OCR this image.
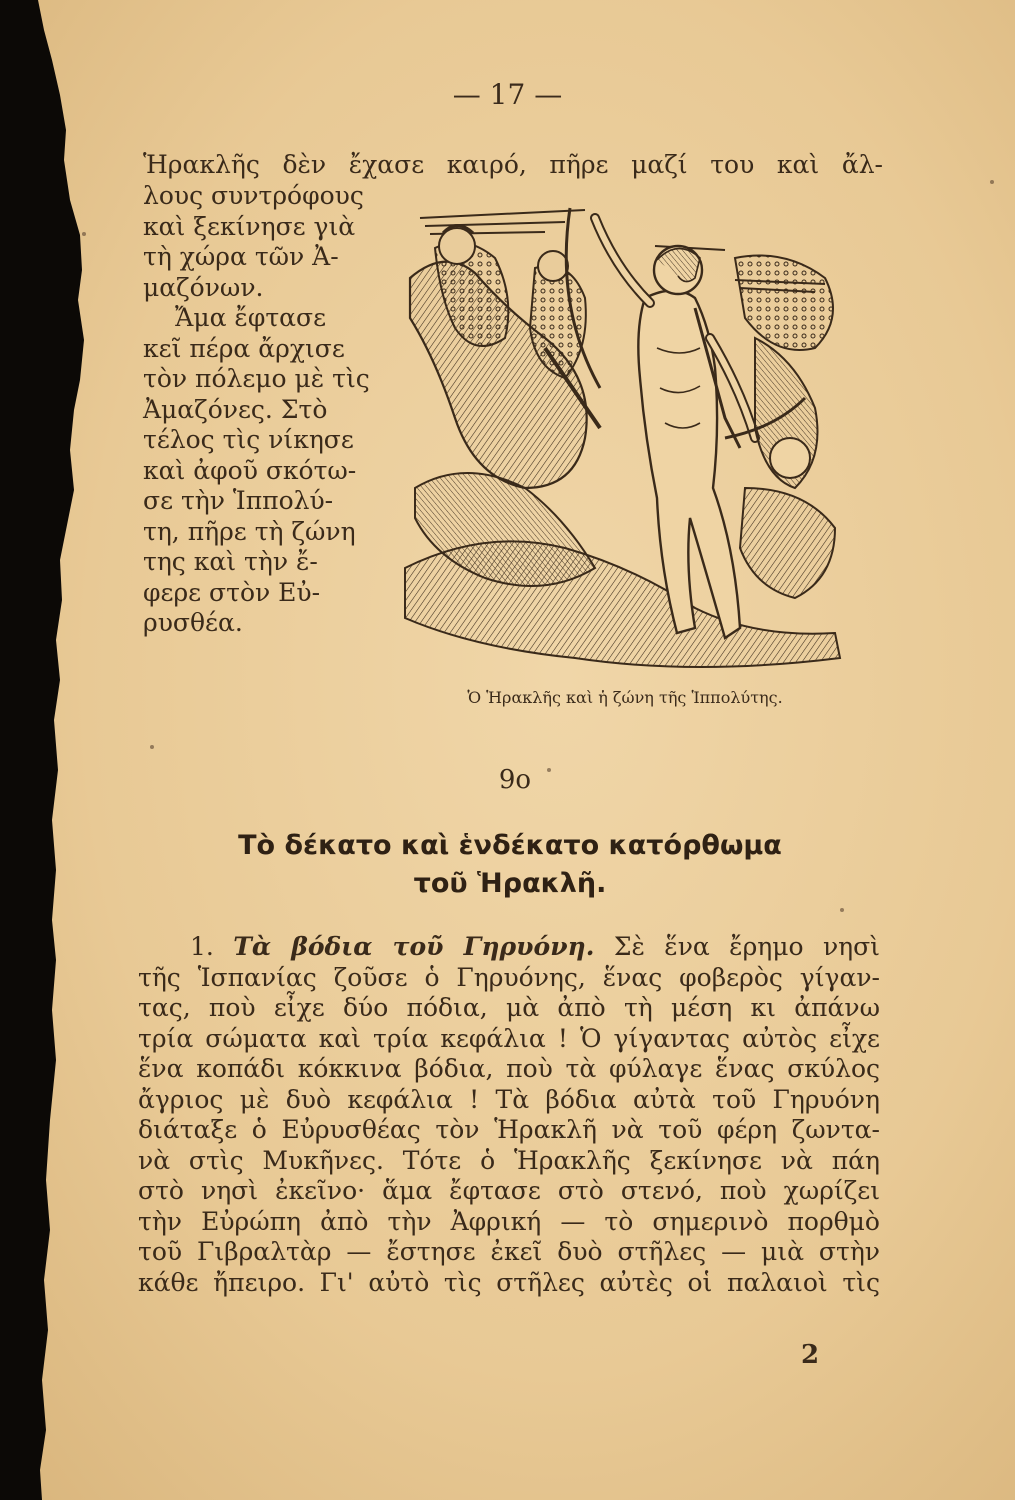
— 17 —
Ἡρακλῆς δὲν ἔχασε καιρό, πῆρε μαζί του καὶ ἄλ-
λους συντρόφους
καὶ ξεκίνησε γιὰ
τὴ χώρα τῶν Ἀ-
μαζόνων.
Ἄμα ἔφτασε
κεῖ πέρα ἄρχισε
τὸν πόλεμο μὲ τὶς
Ἀμαζόνες. Στὸ
τέλος τὶς νίκησε
καὶ ἀφοῦ σκότω-
σε τὴν Ἱππολύ-
τη, πῆρε τὴ ζώνη
της καὶ τὴν ἔ-
φερε στὸν Εὐ-
ρυσθέα.
Ὁ Ἡρακλῆς καὶ ἡ ζώνη τῆς Ἱππολύτης.
9ο
Τὸ δέκατο καὶ ἑνδέκατο κατόρθωμα
τοῦ Ἡρακλῆ.
1. Τὰ βόδια τοῦ Γηρυόνη. Σὲ ἕνα ἔρημο νησὶ
τῆς Ἱσπανίας ζοῦσε ὁ Γηρυόνης, ἕνας φοβερὸς γίγαν-
τας, ποὺ εἶχε δύο πόδια, μὰ ἀπὸ τὴ μέση κι ἀπάνω
τρία σώματα καὶ τρία κεφάλια ! Ὁ γίγαντας αὐτὸς εἶχε
ἕνα κοπάδι κόκκινα βόδια, ποὺ τὰ φύλαγε ἕνας σκύλος
ἄγριος μὲ δυὸ κεφάλια ! Τὰ βόδια αὐτὰ τοῦ Γηρυόνη
διάταξε ὁ Εὐρυσθέας τὸν Ἡρακλῆ νὰ τοῦ φέρη ζωντα-
νὰ στὶς Μυκῆνες. Τότε ὁ Ἡρακλῆς ξεκίνησε νὰ πάη
στὸ νησὶ ἐκεῖνο· ἅμα ἔφτασε στὸ στενό, ποὺ χωρίζει
τὴν Εὐρώπη ἀπὸ τὴν Ἀφρική — τὸ σημερινὸ πορθμὸ
τοῦ Γιβραλτὰρ — ἔστησε ἐκεῖ δυὸ στῆλες — μιὰ στὴν
κάθε ἤπειρο. Γι' αὐτὸ τὶς στῆλες αὐτὲς οἱ παλαιοὶ τὶς
2
